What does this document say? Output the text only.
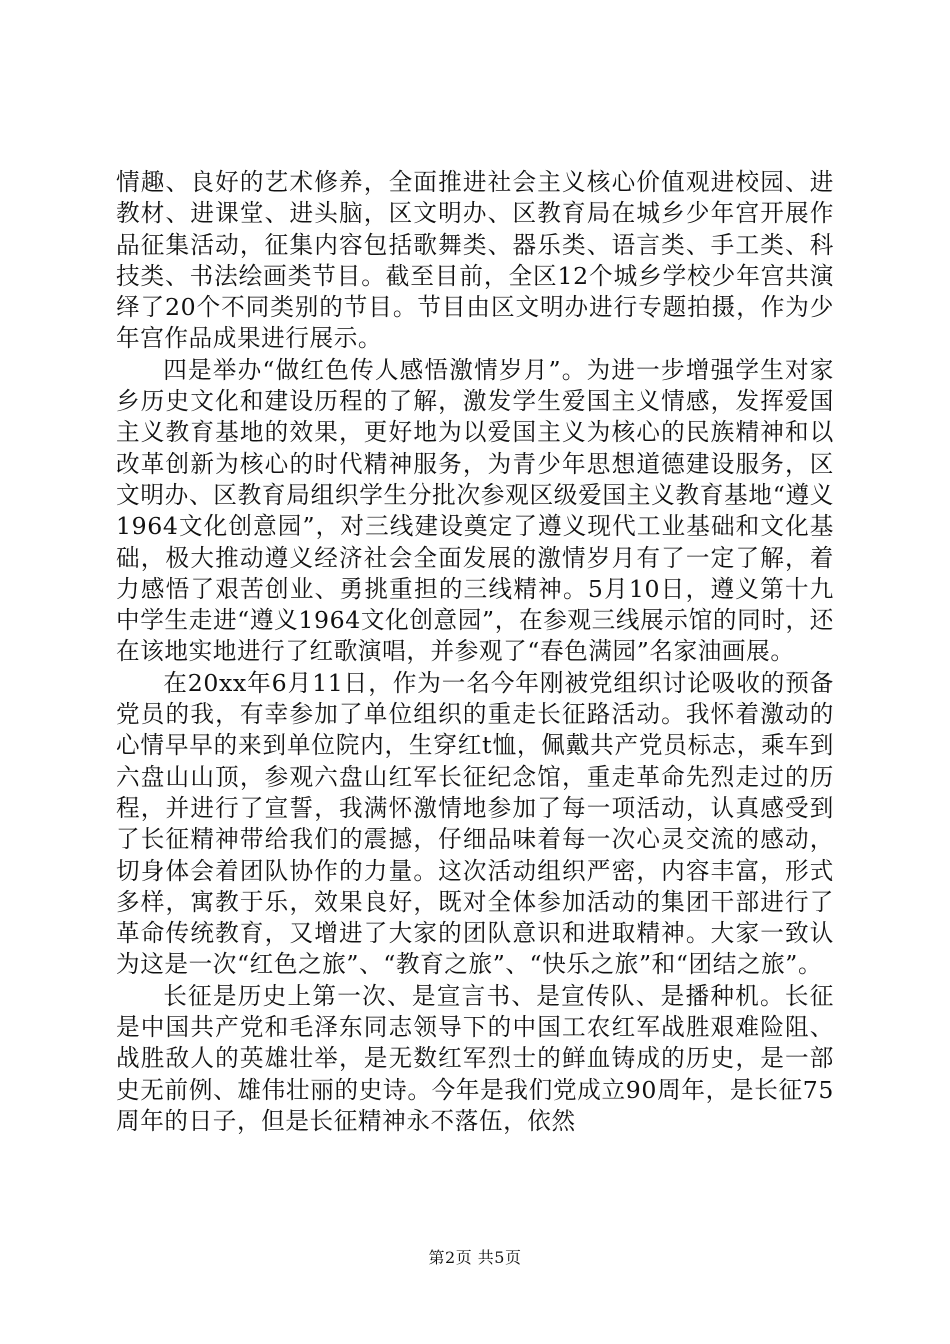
情趣、良好的艺术修养，全面推进社会主义核心价值观进校园、进教材、进课堂、进头脑，区文明办、区教育局在城乡少年宫开展作品征集活动，征集内容包括歌舞类、器乐类、语言类、手工类、科技类、书法绘画类节目。截至目前，全区12个城乡学校少年宫共演绎了20个不同类别的节目。节目由区文明办进行专题拍摄，作为少年宫作品成果进行展示。

四是举办“做红色传人感悟激情岁月”。为进一步增强学生对家乡历史文化和建设历程的了解，激发学生爱国主义情感，发挥爱国主义教育基地的效果，更好地为以爱国主义为核心的民族精神和以改革创新为核心的时代精神服务，为青少年思想道德建设服务，区文明办、区教育局组织学生分批次参观区级爱国主义教育基地“遵义1964文化创意园”，对三线建设奠定了遵义现代工业基础和文化基础，极大推动遵义经济社会全面发展的激情岁月有了一定了解，着力感悟了艰苦创业、勇挑重担的三线精神。5月10日，遵义第十九中学生走进“遵义1964文化创意园”，在参观三线展示馆的同时，还在该地实地进行了红歌演唱，并参观了“春色满园”名家油画展。

在20xx年6月11日，作为一名今年刚被党组织讨论吸收的预备党员的我，有幸参加了单位组织的重走长征路活动。我怀着激动的心情早早的来到单位院内，生穿红t恤，佩戴共产党员标志，乘车到六盘山山顶，参观六盘山红军长征纪念馆，重走革命先烈走过的历程，并进行了宣誓，我满怀激情地参加了每一项活动，认真感受到了长征精神带给我们的震撼，仔细品味着每一次心灵交流的感动，切身体会着团队协作的力量。这次活动组织严密，内容丰富，形式多样，寓教于乐，效果良好，既对全体参加活动的集团干部进行了革命传统教育，又增进了大家的团队意识和进取精神。大家一致认为这是一次“红色之旅”、“教育之旅”、“快乐之旅”和“团结之旅”。

长征是历史上第一次、是宣言书、是宣传队、是播种机。长征是中国共产党和毛泽东同志领导下的中国工农红军战胜艰难险阻、战胜敌人的英雄壮举，是无数红军烈士的鲜血铸成的历史，是一部史无前例、雄伟壮丽的史诗。今年是我们党成立90周年，是长征75周年的日子，但是长征精神永不落伍，依然

第2页 共5页
